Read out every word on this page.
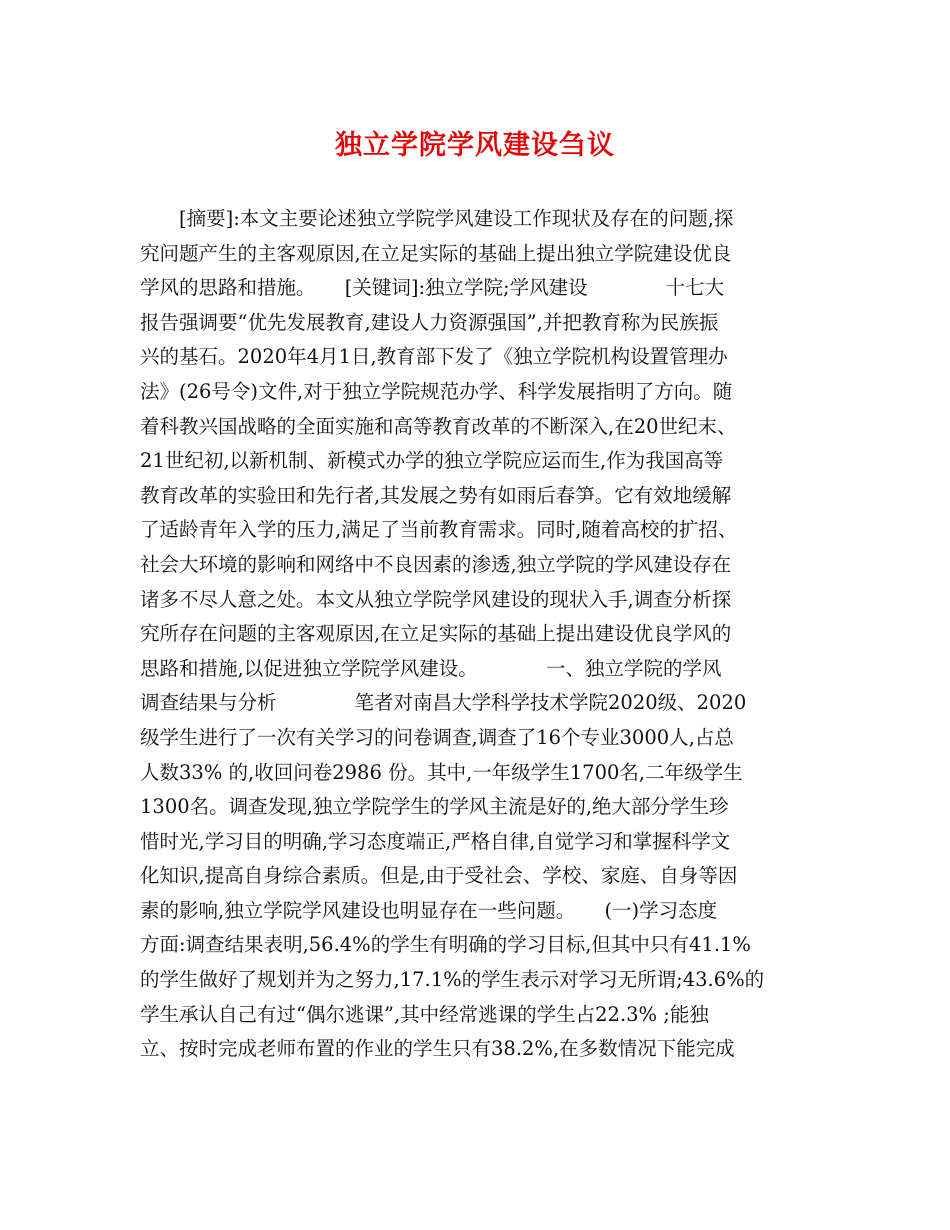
独立学院学风建设刍议
　　[摘要]:本文主要论述独立学院学风建设工作现状及存在的问题,探
究问题产生的主客观原因,在立足实际的基础上提出独立学院建设优良
学风的思路和措施。　　[关键词]:独立学院;学风建设　　　　十七大
报告强调要“优先发展教育,建设人力资源强国”,并把教育称为民族振
兴的基石。2020年4月1日,教育部下发了《独立学院机构设置管理办
法》(26号令)文件,对于独立学院规范办学、科学发展指明了方向。随
着科教兴国战略的全面实施和高等教育改革的不断深入,在20世纪末、
21世纪初,以新机制、新模式办学的独立学院应运而生,作为我国高等
教育改革的实验田和先行者,其发展之势有如雨后春笋。它有效地缓解
了适龄青年入学的压力,满足了当前教育需求。同时,随着高校的扩招、
社会大环境的影响和网络中不良因素的渗透,独立学院的学风建设存在
诸多不尽人意之处。本文从独立学院学风建设的现状入手,调查分析探
究所存在问题的主客观原因,在立足实际的基础上提出建设优良学风的
思路和措施,以促进独立学院学风建设。　　　　一、独立学院的学风
调查结果与分析　　　　笔者对南昌大学科学技术学院2020级、2020
级学生进行了一次有关学习的问卷调查,调查了16个专业3000人,占总
人数33% 的,收回问卷2986 份。其中,一年级学生1700名,二年级学生
1300名。调查发现,独立学院学生的学风主流是好的,绝大部分学生珍
惜时光,学习目的明确,学习态度端正,严格自律,自觉学习和掌握科学文
化知识,提高自身综合素质。但是,由于受社会、学校、家庭、自身等因
素的影响,独立学院学风建设也明显存在一些问题。　　(一)学习态度
方面:调查结果表明,56.4%的学生有明确的学习目标,但其中只有41.1%
的学生做好了规划并为之努力,17.1%的学生表示对学习无所谓;43.6%的
学生承认自己有过“偶尔逃课”,其中经常逃课的学生占22.3% ;能独
立、按时完成老师布置的作业的学生只有38.2%,在多数情况下能完成
